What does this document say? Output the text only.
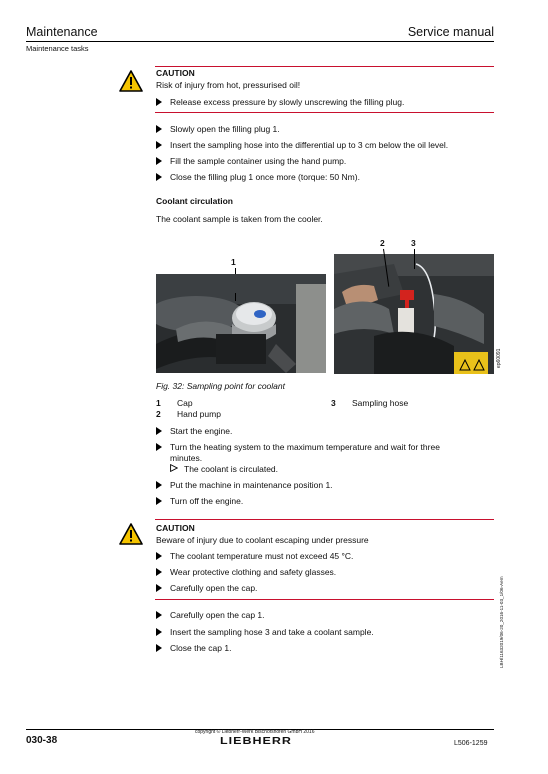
Maintenance	Service manual
Maintenance tasks
CAUTION
Risk of injury from hot, pressurised oil!
Release excess pressure by slowly unscrewing the filling plug.
Slowly open the filling plug 1.
Insert the sampling hose into the differential up to 3 cm below the oil level.
Fill the sample container using the hand pump.
Close the filling plug 1 once more (torque: 50 Nm).
Coolant circulation
The coolant sample is taken from the cooler.
1
2	3
ep60091
Fig. 32: Sampling point for coolant
1 Cap
2 Hand pump
3 Sampling hose
Start the engine.
Turn the heating system to the maximum temperature and wait for three
minutes.
The coolant is circulated.
Put the machine in maintenance position 1.
Turn off the engine.
CAUTION
Beware of injury due to coolant escaping under pressure
The coolant temperature must not exceed 45 °C.
Wear protective clothing and safety glasses.
Carefully open the cap.
Carefully open the cap 1.
Insert the sampling hose 3 and take a coolant sample.
Close the cap 1.	LBH/11632019/06-20_2016-11-03_1/06-Aem
030-38
copyright © Liebherr-Werk Bischofshofen GmbH 2016
LIEBHERR	L506-1259
